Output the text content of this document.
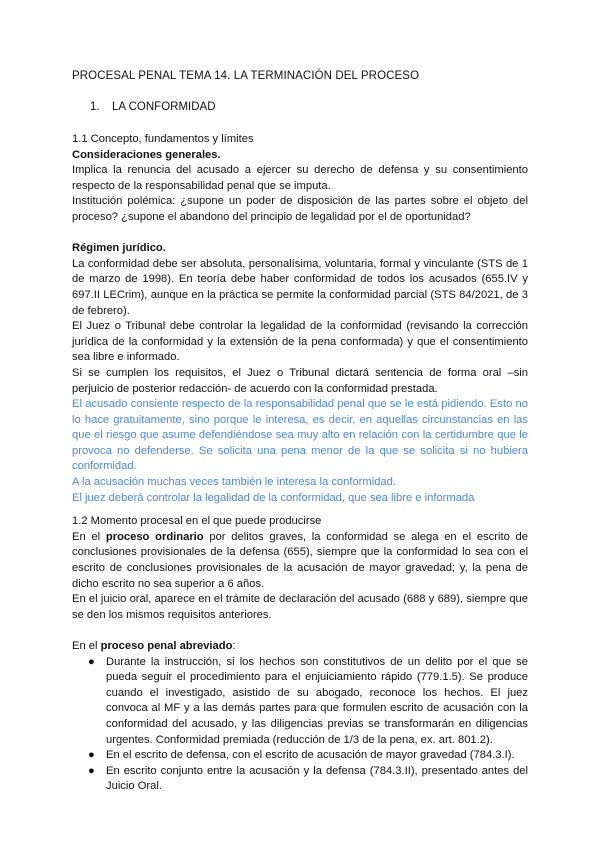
PROCESAL PENAL TEMA 14. LA TERMINACIÓN DEL PROCESO
1. LA CONFORMIDAD

1.1 Concepto, fundamentos y límites

Consideraciones generales.

Implica la renuncia del acusado a ejercer su derecho de defensa y su consentimiento respecto de la responsabilidad penal que se imputa.

Institución polémica: ¿supone un poder de disposición de las partes sobre el objeto del proceso? ¿supone el abandono del principio de legalidad por el de oportunidad?

Régimen jurídico.

La conformidad debe ser absoluta, personalísima, voluntaria, formal y vinculante (STS de 1 de marzo de 1998). En teoría debe haber conformidad de todos los acusados (655.IV y 697.II LECrim), aunque en la práctica se permite la conformidad parcial (STS 84/2021, de 3 de febrero).

El Juez o Tribunal debe controlar la legalidad de la conformidad (revisando la corrección jurídica de la conformidad y la extensión de la pena conformada) y que el consentimiento sea libre e informado.

Si se cumplen los requisitos, el Juez o Tribunal dictará sentencia de forma oral –sin perjuicio de posterior redacción- de acuerdo con la conformidad prestada.

El acusado consiente respecto de la responsabilidad penal que se le está pidiendo. Esto no lo hace gratuitamente, sino porque le interesa, es decir, en aquellas circunstancias en las que el riesgo que asume defendiéndose sea muy alto en relación con la certidumbre que le provoca no defenderse. Se solicita una pena menor de la que se solicita si no hubiera conformidad.

A la acusación muchas veces también le interesa la conformidad.

El juez deberá controlar la legalidad de la conformidad, que sea libre e informada

1.2 Momento procesal en el que puede producirse

En el proceso ordinario por delitos graves, la conformidad se alega en el escrito de conclusiones provisionales de la defensa (655), siempre que la conformidad lo sea con el escrito de conclusiones provisionales de la acusación de mayor gravedad; y, la pena de dicho escrito no sea superior a 6 años.

En el juicio oral, aparece en el trámite de declaración del acusado (688 y 689), siempre que se den los mismos requisitos anteriores.

En el proceso penal abreviado:

● Durante la instrucción, si los hechos son constitutivos de un delito por el que se pueda seguir el procedimiento para el enjuiciamiento rápido (779.1.5). Se produce cuando el investigado, asistido de su abogado, reconoce los hechos. El juez convoca al MF y a las demás partes para que formulen escrito de acusación con la conformidad del acusado, y las diligencias previas se transformarán en diligencias urgentes. Conformidad premiada (reducción de 1/3 de la pena, ex. art. 801.2).
● En el escrito de defensa, con el escrito de acusación de mayor gravedad (784.3.I).
● En escrito conjunto entre la acusación y la defensa (784.3.II), presentado antes del Juicio Oral.
